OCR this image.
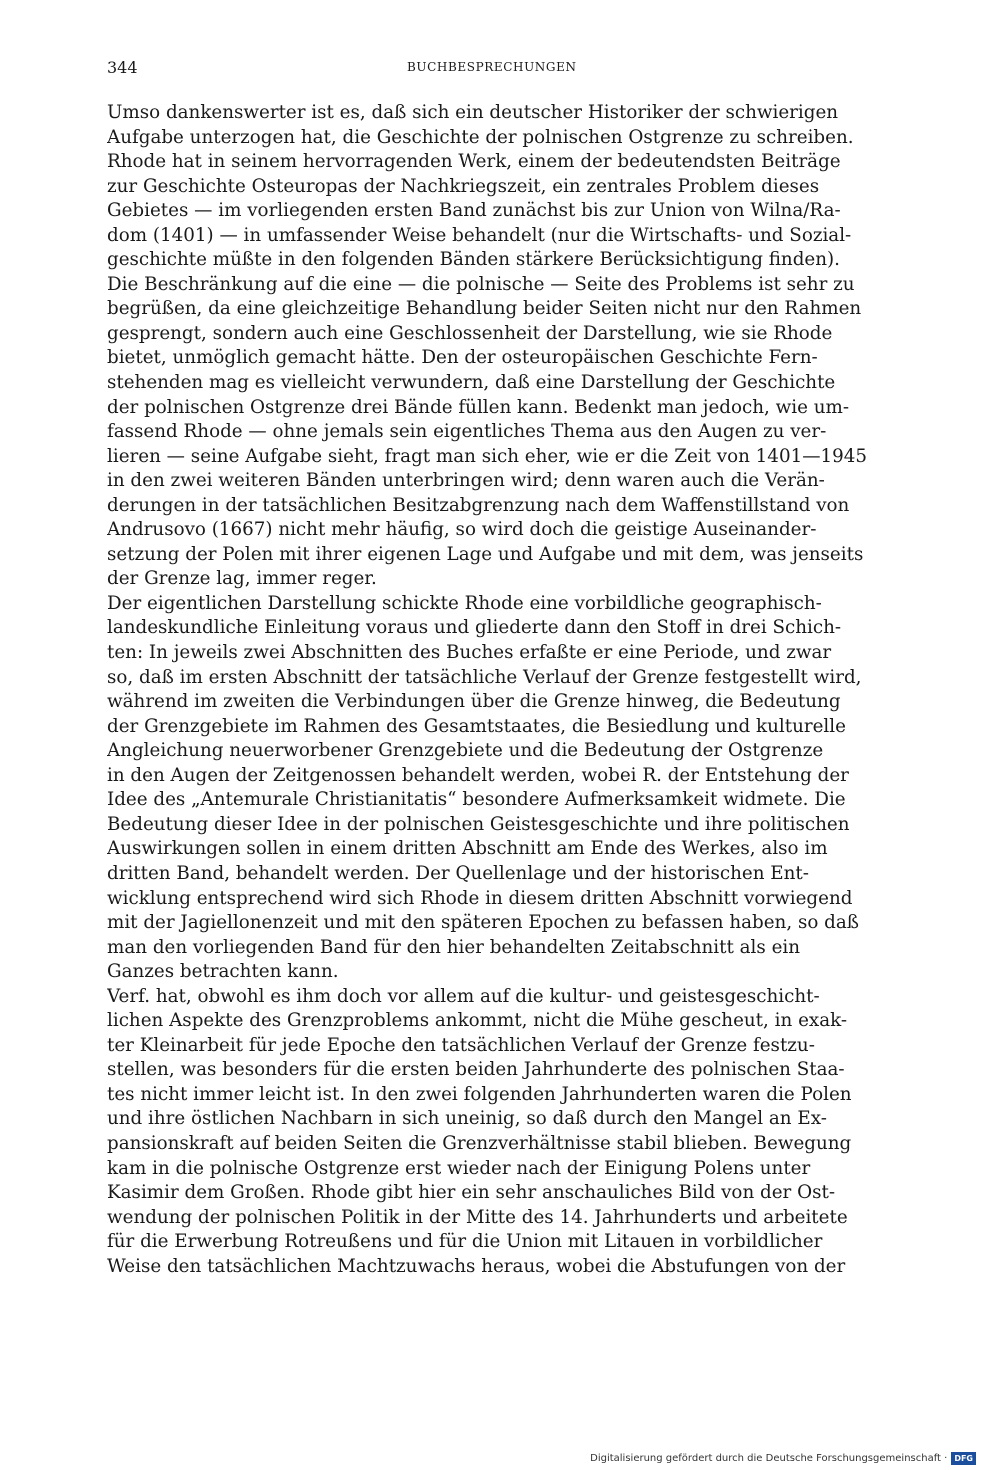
344	BUCHBESPRECHUNGEN
Umso dankenswerter ist es, daß sich ein deutscher Historiker der schwierigen
Aufgabe unterzogen hat, die Geschichte der polnischen Ostgrenze zu schreiben.
Rhode hat in seinem hervorragenden Werk, einem der bedeutendsten Beiträge
zur Geschichte Osteuropas der Nachkriegszeit, ein zentrales Problem dieses
Gebietes — im vorliegenden ersten Band zunächst bis zur Union von Wilna/Ra-
dom (1401) — in umfassender Weise behandelt (nur die Wirtschafts- und Sozial-
geschichte müßte in den folgenden Bänden stärkere Berücksichtigung finden).
Die Beschränkung auf die eine — die polnische — Seite des Problems ist sehr zu
begrüßen, da eine gleichzeitige Behandlung beider Seiten nicht nur den Rahmen
gesprengt, sondern auch eine Geschlossenheit der Darstellung, wie sie Rhode
bietet, unmöglich gemacht hätte. Den der osteuropäischen Geschichte Fern-
stehenden mag es vielleicht verwundern, daß eine Darstellung der Geschichte
der polnischen Ostgrenze drei Bände füllen kann. Bedenkt man jedoch, wie um-
fassend Rhode — ohne jemals sein eigentliches Thema aus den Augen zu ver-
lieren — seine Aufgabe sieht, fragt man sich eher, wie er die Zeit von 1401—1945
in den zwei weiteren Bänden unterbringen wird; denn waren auch die Verän-
derungen in der tatsächlichen Besitzabgrenzung nach dem Waffenstillstand von
Andrusovo (1667) nicht mehr häufig, so wird doch die geistige Auseinander-
setzung der Polen mit ihrer eigenen Lage und Aufgabe und mit dem, was jenseits
der Grenze lag, immer reger.
Der eigentlichen Darstellung schickte Rhode eine vorbildliche geographisch-
landeskundliche Einleitung voraus und gliederte dann den Stoff in drei Schich-
ten: In jeweils zwei Abschnitten des Buches erfaßte er eine Periode, und zwar
so, daß im ersten Abschnitt der tatsächliche Verlauf der Grenze festgestellt wird,
während im zweiten die Verbindungen über die Grenze hinweg, die Bedeutung
der Grenzgebiete im Rahmen des Gesamtstaates, die Besiedlung und kulturelle
Angleichung neuerworbener Grenzgebiete und die Bedeutung der Ostgrenze
in den Augen der Zeitgenossen behandelt werden, wobei R. der Entstehung der
Idee des „Antemurale Christianitatis“ besondere Aufmerksamkeit widmete. Die
Bedeutung dieser Idee in der polnischen Geistesgeschichte und ihre politischen
Auswirkungen sollen in einem dritten Abschnitt am Ende des Werkes, also im
dritten Band, behandelt werden. Der Quellenlage und der historischen Ent-
wicklung entsprechend wird sich Rhode in diesem dritten Abschnitt vorwiegend
mit der Jagiellonenzeit und mit den späteren Epochen zu befassen haben, so daß
man den vorliegenden Band für den hier behandelten Zeitabschnitt als ein
Ganzes betrachten kann.
Verf. hat, obwohl es ihm doch vor allem auf die kultur- und geistesgeschicht-
lichen Aspekte des Grenzproblems ankommt, nicht die Mühe gescheut, in exak-
ter Kleinarbeit für jede Epoche den tatsächlichen Verlauf der Grenze festzu-
stellen, was besonders für die ersten beiden Jahrhunderte des polnischen Staa-
tes nicht immer leicht ist. In den zwei folgenden Jahrhunderten waren die Polen
und ihre östlichen Nachbarn in sich uneinig, so daß durch den Mangel an Ex-
pansionskraft auf beiden Seiten die Grenzverhältnisse stabil blieben. Bewegung
kam in die polnische Ostgrenze erst wieder nach der Einigung Polens unter
Kasimir dem Großen. Rhode gibt hier ein sehr anschauliches Bild von der Ost-
wendung der polnischen Politik in der Mitte des 14. Jahrhunderts und arbeitete
für die Erwerbung Rotreußens und für die Union mit Litauen in vorbildlicher
Weise den tatsächlichen Machtzuwachs heraus, wobei die Abstufungen von der
Digitalisierung gefördert durch die Deutsche Forschungsgemeinschaft · DFG
